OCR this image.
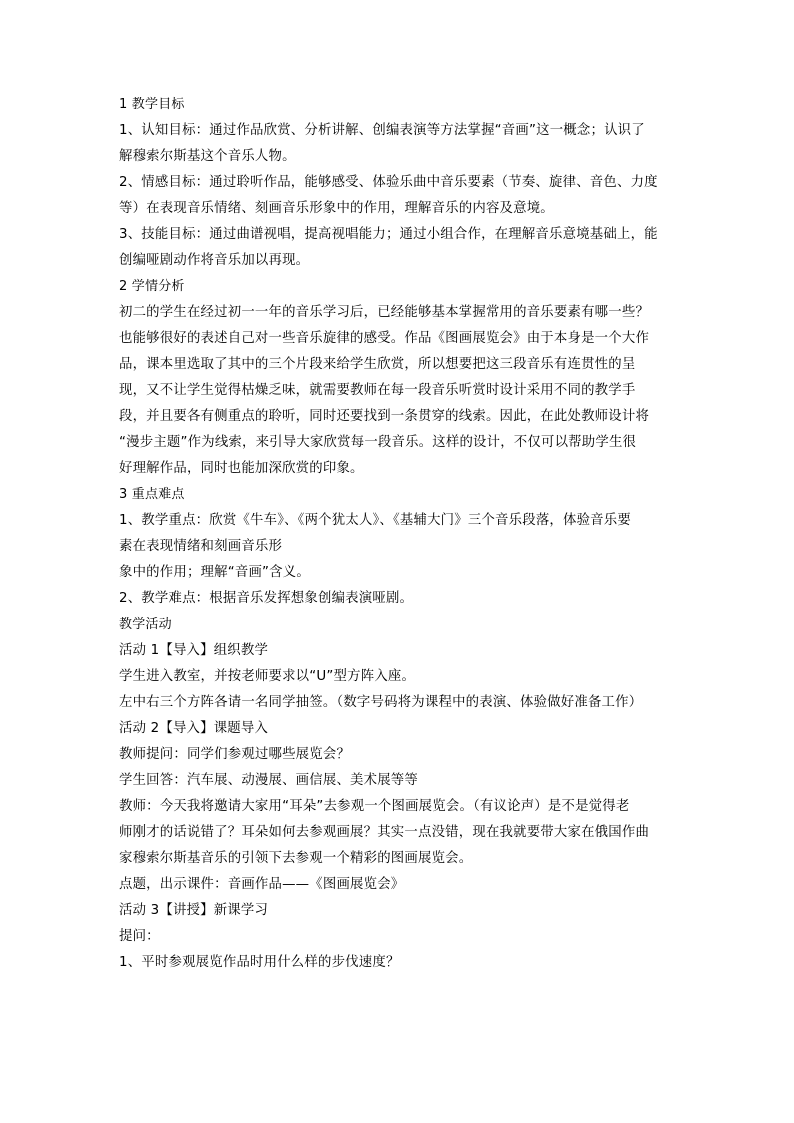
1 教学目标
1、认知目标：通过作品欣赏、分析讲解、创编表演等方法掌握“音画”这一概念；认识了
解穆索尔斯基这个音乐人物。
2、情感目标：通过聆听作品，能够感受、体验乐曲中音乐要素（节奏、旋律、音色、力度
等）在表现音乐情绪、刻画音乐形象中的作用，理解音乐的内容及意境。
3、技能目标：通过曲谱视唱，提高视唱能力；通过小组合作，在理解音乐意境基础上，能
创编哑剧动作将音乐加以再现。
2 学情分析
初二的学生在经过初一一年的音乐学习后，已经能够基本掌握常用的音乐要素有哪一些？
也能够很好的表述自己对一些音乐旋律的感受。作品《图画展览会》由于本身是一个大作
品，课本里选取了其中的三个片段来给学生欣赏，所以想要把这三段音乐有连贯性的呈
现，又不让学生觉得枯燥乏味，就需要教师在每一段音乐听赏时设计采用不同的教学手
段，并且要各有侧重点的聆听，同时还要找到一条贯穿的线索。因此，在此处教师设计将
“漫步主题”作为线索，来引导大家欣赏每一段音乐。这样的设计，不仅可以帮助学生很
好理解作品，同时也能加深欣赏的印象。
3 重点难点
1、教学重点：欣赏《牛车》、《两个犹太人》、《基辅大门》三个音乐段落，体验音乐要
素在表现情绪和刻画音乐形
象中的作用；理解“音画”含义。
2、教学难点：根据音乐发挥想象创编表演哑剧。
教学活动
活动 1【导入】组织教学
学生进入教室，并按老师要求以“U”型方阵入座。
左中右三个方阵各请一名同学抽签。（数字号码将为课程中的表演、体验做好准备工作）
活动 2【导入】课题导入
教师提问：同学们参观过哪些展览会？
学生回答：汽车展、动漫展、画信展、美术展等等
教师：今天我将邀请大家用“耳朵”去参观一个图画展览会。（有议论声）是不是觉得老
师刚才的话说错了？耳朵如何去参观画展？其实一点没错，现在我就要带大家在俄国作曲
家穆索尔斯基音乐的引领下去参观一个精彩的图画展览会。
点题，出示课件：音画作品——《图画展览会》
活动 3【讲授】新课学习
提问：
1、平时参观展览作品时用什么样的步伐速度？
